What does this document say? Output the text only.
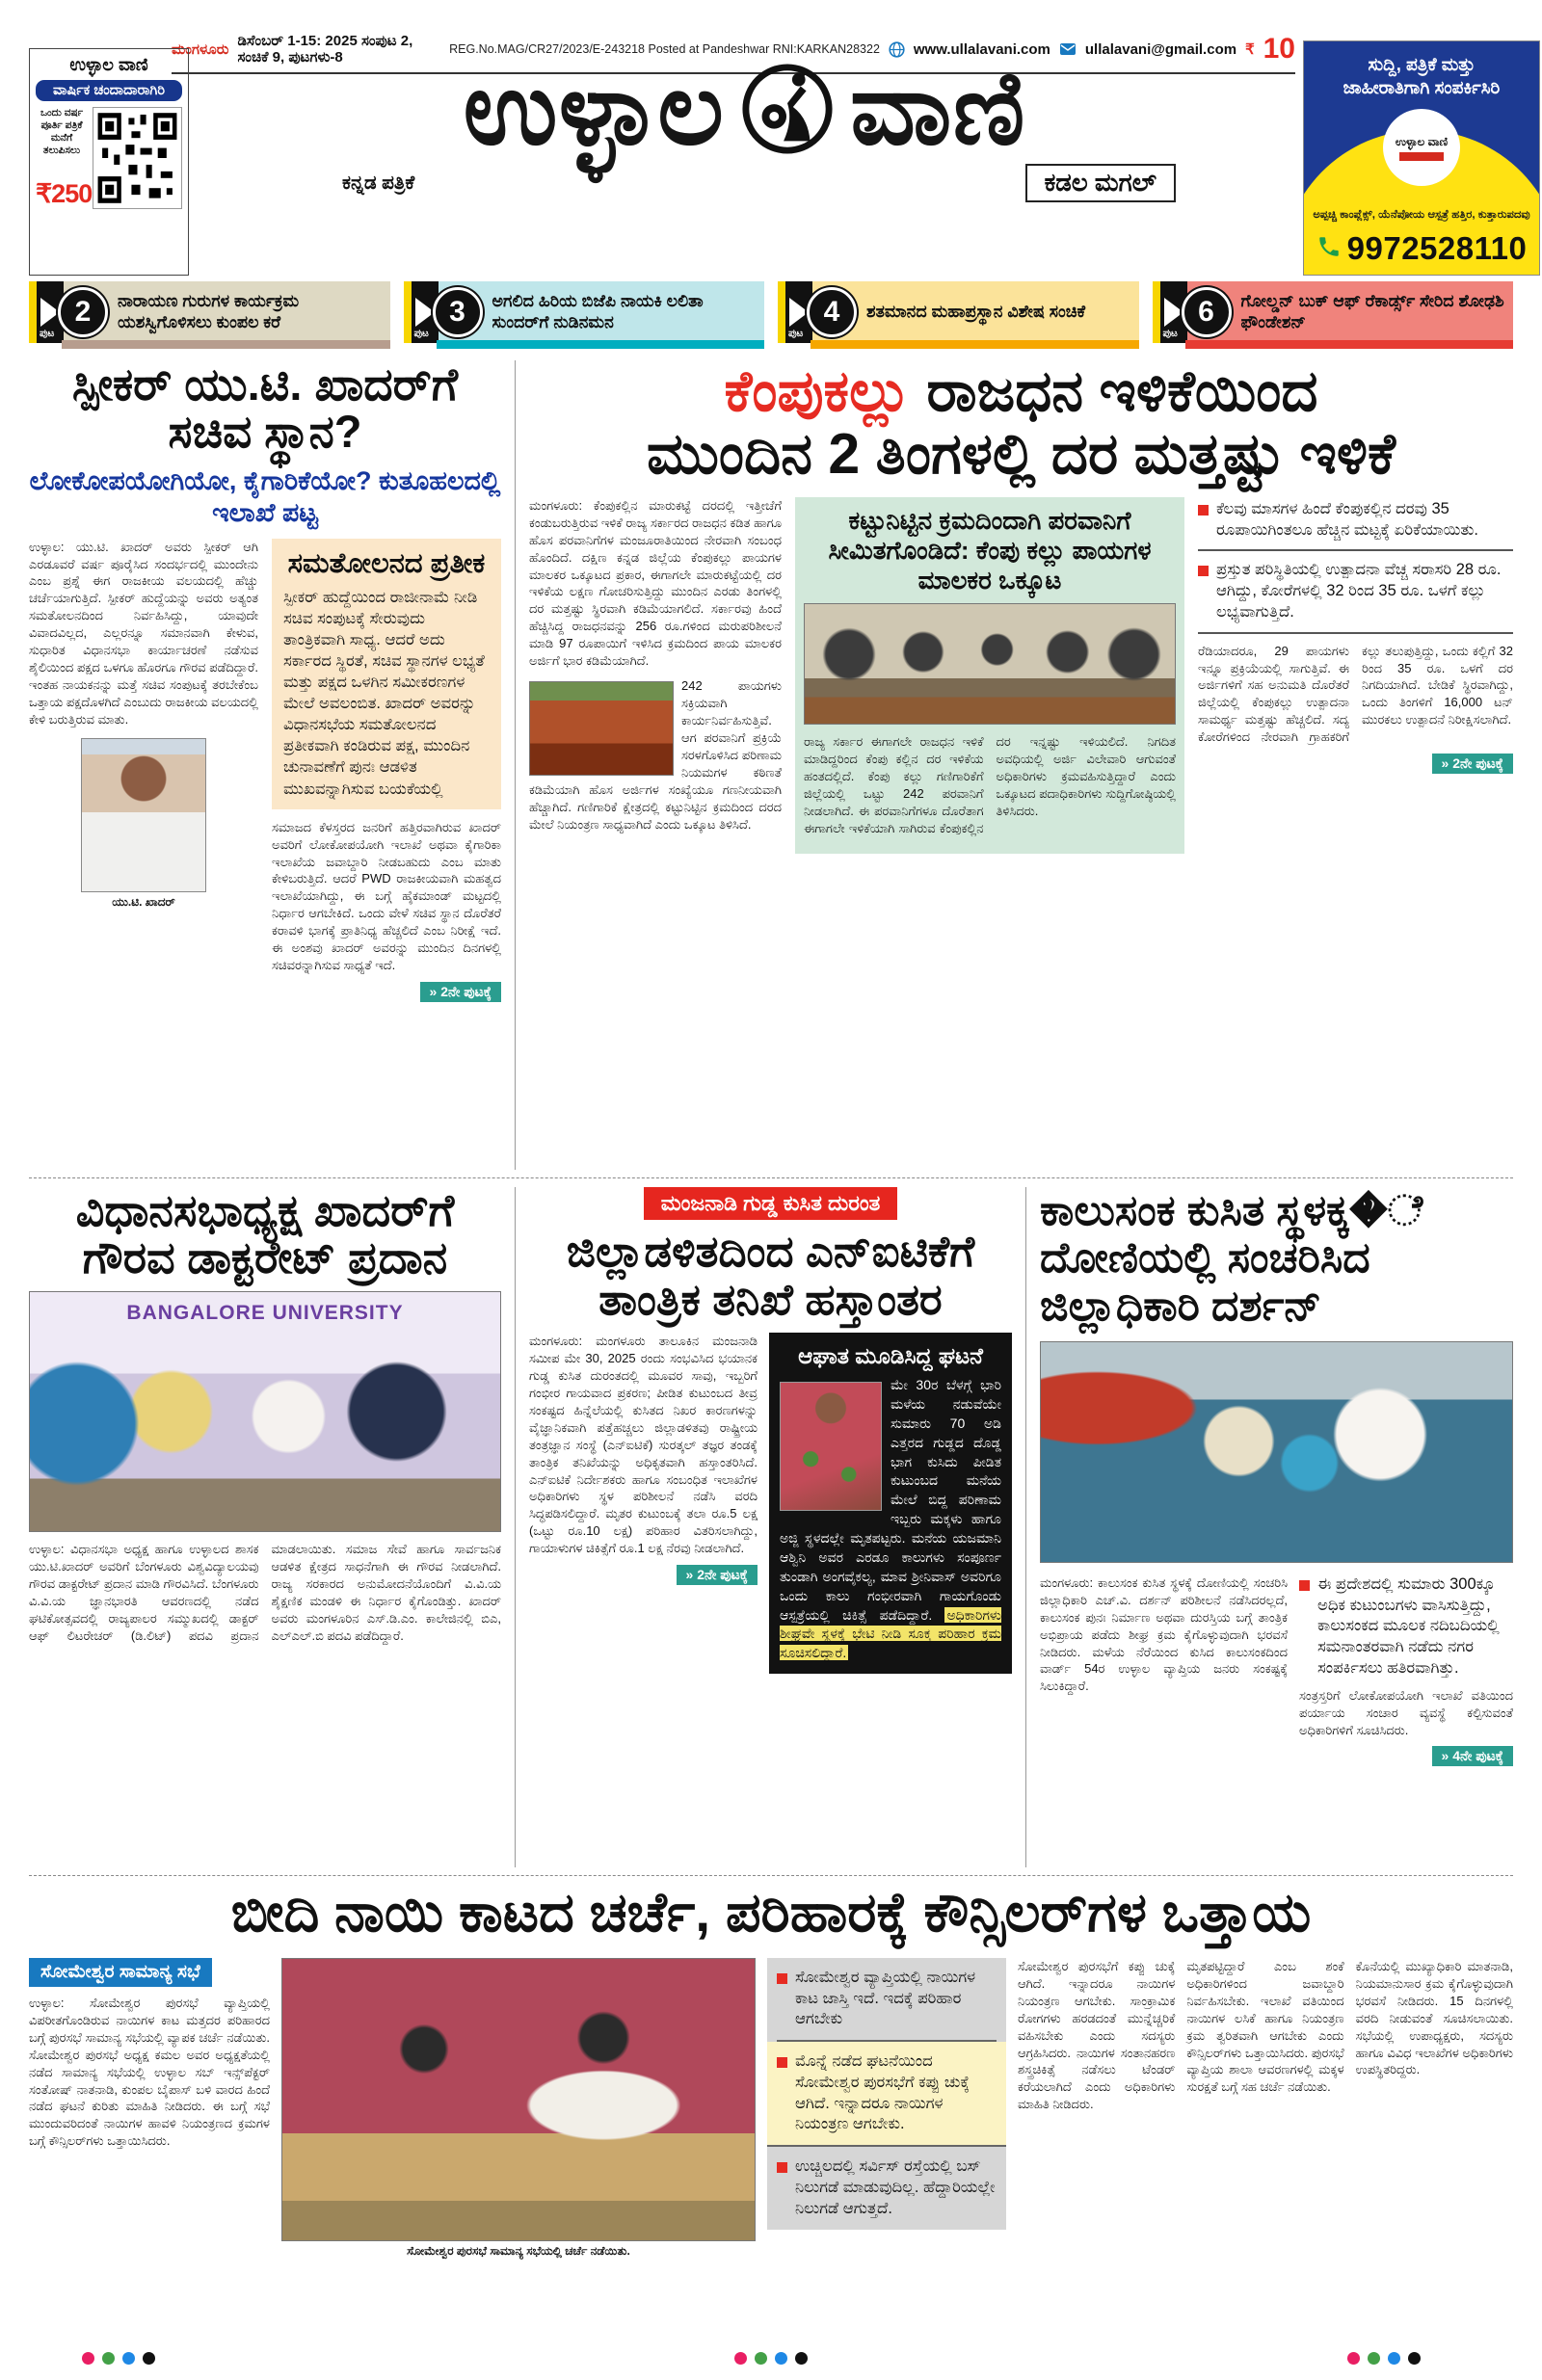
ಮಂಗಳೂರು ಡಿಸೆಂಬರ್ 1-15: 2025 ಸಂಪುಟ 2, ಸಂಚಿಕೆ 9, ಪುಟಗಳು-8	REG.No.MAG/CR27/2023/E-243218 Posted at Pandeshwar RNI:KARKAN28322 www.ullalavani.com ullalavani@gmail.com ₹ 10
ಉಳ್ಳಾಲ ವಾಣಿ
ವಾರ್ಷಿಕ ಚಂದಾದಾರಾಗಿರಿ
ಒಂದು ವರ್ಷ ಪೂರ್ತಿ ಪತ್ರಿಕೆ ಮನೆಗೆ ತಲುಪಿಸಲು
₹250
ಉಳ್ಳಾಲ ವಾಣಿ
ಕನ್ನಡ ಪತ್ರಿಕೆ	ಕಡಲ ಮಗಲ್
ಸುದ್ದಿ, ಪತ್ರಿಕೆ ಮತ್ತು
ಜಾಹೀರಾತಿಗಾಗಿ ಸಂಪರ್ಕಿಸಿರಿ
ಉಳ್ಳಾಲ ವಾಣಿ
ಅಪ್ಪಚ್ಚಿ ಕಾಂಪ್ಲೆಕ್ಸ್, ಯೆನೆಪೋಯ ಆಸ್ಪತ್ರೆ ಹತ್ತಿರ, ಕುತ್ತಾರುಪದವು
9972528110
ಪುಟ
2	ನಾರಾಯಣ ಗುರುಗಳ ಕಾರ್ಯಕ್ರಮ ಯಶಸ್ವಿಗೊಳಿಸಲು ಕುಂಪಲ ಕರೆ
ಪುಟ
3	ಅಗಲಿದ ಹಿರಿಯ ಬಿಜೆಪಿ ನಾಯಕಿ ಲಲಿತಾ ಸುಂದರ್‌ಗೆ ನುಡಿನಮನ
ಪುಟ
4	ಶತಮಾನದ ಮಹಾಪ್ರಸ್ಥಾನ ವಿಶೇಷ ಸಂಚಿಕೆ
ಪುಟ
6	ಗೋಲ್ಡನ್ ಬುಕ್ ಆಫ್ ರೆಕಾರ್ಡ್ಸ್ ಸೇರಿದ ಶೋಢಶಿ ಫೌಂಡೇಶನ್
ಸ್ಪೀಕರ್ ಯು.ಟಿ. ಖಾದರ್‌ಗೆ ಸಚಿವ ಸ್ಥಾನ?
ಲೋಕೋಪಯೋಗಿಯೋ, ಕೈಗಾರಿಕೆಯೋ? ಕುತೂಹಲದಲ್ಲಿ ಇಲಾಖೆ ಪಟ್ಟ

ಉಳ್ಳಾಲ: ಯು.ಟಿ. ಖಾದರ್ ಅವರು ಸ್ಪೀಕರ್ ಆಗಿ ಎರಡೂವರೆ ವರ್ಷ ಪೂರೈಸಿದ ಸಂದರ್ಭದಲ್ಲಿ ಮುಂದೇನು ಎಂಬ ಪ್ರಶ್ನೆ ಈಗ ರಾಜಕೀಯ ವಲಯದಲ್ಲಿ ಹೆಚ್ಚು ಚರ್ಚೆಯಾಗುತ್ತಿದೆ. ಸ್ಪೀಕರ್ ಹುದ್ದೆಯನ್ನು ಅವರು ಅತ್ಯಂತ ಸಮತೋಲನದಿಂದ ನಿರ್ವಹಿಸಿದ್ದು, ಯಾವುದೇ ವಿವಾದವಿಲ್ಲದ, ಎಲ್ಲರನ್ನೂ ಸಮಾನವಾಗಿ ಕೇಳುವ, ಸುಧಾರಿತ ವಿಧಾನಸಭಾ ಕಾರ್ಯಾಚರಣೆ ನಡೆಸುವ ಶೈಲಿಯಿಂದ ಪಕ್ಷದ ಒಳಗೂ ಹೊರಗೂ ಗೌರವ ಪಡೆದಿದ್ದಾರೆ. ಇಂತಹ ನಾಯಕನನ್ನು ಮತ್ತೆ ಸಚಿವ ಸಂಪುಟಕ್ಕೆ ತರಬೇಕೆಂಬ ಒತ್ತಾಯ ಪಕ್ಷದೊಳಗಿದೆ ಎಂಬುದು ರಾಜಕೀಯ ವಲಯದಲ್ಲಿ ಕೇಳಿ ಬರುತ್ತಿರುವ ಮಾತು.

ಯು.ಟಿ. ಖಾದರ್
ಸಮತೋಲನದ ಪ್ರತೀಕ

ಸ್ಪೀಕರ್ ಹುದ್ದೆಯಿಂದ ರಾಜೀನಾಮೆ ನೀಡಿ ಸಚಿವ ಸಂಪುಟಕ್ಕೆ ಸೇರುವುದು ತಾಂತ್ರಿಕವಾಗಿ ಸಾಧ್ಯ. ಆದರೆ ಅದು ಸರ್ಕಾರದ ಸ್ಥಿರತೆ, ಸಚಿವ ಸ್ಥಾನಗಳ ಲಭ್ಯತೆ ಮತ್ತು ಪಕ್ಷದ ಒಳಗಿನ ಸಮೀಕರಣಗಳ ಮೇಲೆ ಅವಲಂಬಿತ. ಖಾದರ್ ಅವರನ್ನು ವಿಧಾನಸಭೆಯ ಸಮತೋಲನದ ಪ್ರತೀಕವಾಗಿ ಕಂಡಿರುವ ಪಕ್ಷ, ಮುಂದಿನ ಚುನಾವಣೆಗೆ ಪುನಃ ಆಡಳಿತ ಮುಖವನ್ನಾಗಿಸುವ ಬಯಕೆಯಲ್ಲಿ

ಸಮಾಜದ ಕೆಳಸ್ತರದ ಜನರಿಗೆ ಹತ್ತಿರವಾಗಿರುವ ಖಾದರ್ ಅವರಿಗೆ ಲೋಕೋಪಯೋಗಿ ಇಲಾಖೆ ಅಥವಾ ಕೈಗಾರಿಕಾ ಇಲಾಖೆಯ ಜವಾಬ್ದಾರಿ ನೀಡಬಹುದು ಎಂಬ ಮಾತು ಕೇಳಿಬರುತ್ತಿದೆ. ಆದರೆ PWD ರಾಜಕೀಯವಾಗಿ ಮಹತ್ವದ ಇಲಾಖೆಯಾಗಿದ್ದು, ಈ ಬಗ್ಗೆ ಹೈಕಮಾಂಡ್ ಮಟ್ಟದಲ್ಲಿ ನಿರ್ಧಾರ ಆಗಬೇಕಿದೆ. ಒಂದು ವೇಳೆ ಸಚಿವ ಸ್ಥಾನ ದೊರೆತರೆ ಕರಾವಳಿ ಭಾಗಕ್ಕೆ ಪ್ರಾತಿನಿಧ್ಯ ಹೆಚ್ಚಲಿದೆ ಎಂಬ ನಿರೀಕ್ಷೆ ಇದೆ. ಈ ಅಂಶವು ಖಾದರ್ ಅವರನ್ನು ಮುಂದಿನ ದಿನಗಳಲ್ಲಿ ಸಚಿವರನ್ನಾಗಿಸುವ ಸಾಧ್ಯತೆ ಇದೆ.

» 2ನೇ ಪುಟಕ್ಕೆ
ಕೆಂಪುಕಲ್ಲು ರಾಜಧನ ಇಳಿಕೆಯಿಂದ
ಮುಂದಿನ 2 ತಿಂಗಳಲ್ಲಿ ದರ ಮತ್ತಷ್ಟು ಇಳಿಕೆ

ಮಂಗಳೂರು: ಕೆಂಪುಕಲ್ಲಿನ ಮಾರುಕಟ್ಟೆ ದರದಲ್ಲಿ ಇತ್ತೀಚೆಗೆ ಕಂಡುಬರುತ್ತಿರುವ ಇಳಿಕೆ ರಾಜ್ಯ ಸರ್ಕಾರದ ರಾಜಧನ ಕಡಿತ ಹಾಗೂ ಹೊಸ ಪರವಾನಿಗೆಗಳ ಮಂಜೂರಾತಿಯಿಂದ ನೇರವಾಗಿ ಸಂಬಂಧ ಹೊಂದಿದೆ. ದಕ್ಷಿಣ ಕನ್ನಡ ಜಿಲ್ಲೆಯ ಕೆಂಪುಕಲ್ಲು ಪಾಯಗಳ ಮಾಲಕರ ಒಕ್ಕೂಟದ ಪ್ರಕಾರ, ಈಗಾಗಲೇ ಮಾರುಕಟ್ಟೆಯಲ್ಲಿ ದರ ಇಳಿಕೆಯ ಲಕ್ಷಣ ಗೋಚರಿಸುತ್ತಿದ್ದು ಮುಂದಿನ ಎರಡು ತಿಂಗಳಲ್ಲಿ ದರ ಮತ್ತಷ್ಟು ಸ್ಥಿರವಾಗಿ ಕಡಿಮೆಯಾಗಲಿದೆ. ಸರ್ಕಾರವು ಹಿಂದೆ ಹೆಚ್ಚಿಸಿದ್ದ ರಾಜಧನವನ್ನು 256 ರೂ.ಗಳಿಂದ ಮರುಪರಿಶೀಲನೆ ಮಾಡಿ 97 ರೂಪಾಯಿಗೆ ಇಳಿಸಿದ ಕ್ರಮದಿಂದ ಪಾಯ ಮಾಲಕರ ಅರ್ಜಿಗೆ ಭಾರ ಕಡಿಮೆಯಾಗಿದೆ.

242 ಪಾಯಗಳು ಸಕ್ರಿಯವಾಗಿ ಕಾರ್ಯನಿರ್ವಹಿಸುತ್ತಿವೆ. ಆಗ ಪರವಾನಿಗೆ ಪ್ರಕ್ರಿಯೆ ಸರಳಗೊಳಿಸಿದ ಪರಿಣಾಮ ನಿಯಮಗಳ ಕಠಿಣತೆ ಕಡಿಮೆಯಾಗಿ ಹೊಸ ಅರ್ಜಿಗಳ ಸಂಖ್ಯೆಯೂ ಗಣನೀಯವಾಗಿ ಹೆಚ್ಚಾಗಿದೆ. ಗಣಿಗಾರಿಕೆ ಕ್ಷೇತ್ರದಲ್ಲಿ ಕಟ್ಟುನಿಟ್ಟಿನ ಕ್ರಮದಿಂದ ದರದ ಮೇಲೆ ನಿಯಂತ್ರಣ ಸಾಧ್ಯವಾಗಿದೆ ಎಂದು ಒಕ್ಕೂಟ ತಿಳಿಸಿದೆ.

ಕಟ್ಟುನಿಟ್ಟಿನ ಕ್ರಮದಿಂದಾಗಿ ಪರವಾನಿಗೆ ಸೀಮಿತಗೊಂಡಿದೆ: ಕೆಂಪು ಕಲ್ಲು ಪಾಯಗಳ ಮಾಲಕರ ಒಕ್ಕೂಟ

ರಾಜ್ಯ ಸರ್ಕಾರ ಈಗಾಗಲೇ ರಾಜಧನ ಇಳಿಕೆ ಮಾಡಿದ್ದರಿಂದ ಕೆಂಪು ಕಲ್ಲಿನ ದರ ಇಳಿಕೆಯ ಹಂತದಲ್ಲಿದೆ. ಕೆಂಪು ಕಲ್ಲು ಗಣಿಗಾರಿಕೆಗೆ ಜಿಲ್ಲೆಯಲ್ಲಿ ಒಟ್ಟು 242 ಪರವಾನಿಗೆ ನೀಡಲಾಗಿದೆ. ಈ ಪರವಾನಿಗೆಗಳೂ ದೊರೆತಾಗ ಈಗಾಗಲೇ ಇಳಿಕೆಯಾಗಿ ಸಾಗಿರುವ ಕೆಂಪುಕಲ್ಲಿನ ದರ ಇನ್ನಷ್ಟು ಇಳಿಯಲಿದೆ. ನಿಗದಿತ ಅವಧಿಯಲ್ಲಿ ಅರ್ಜಿ ವಿಲೇವಾರಿ ಆಗುವಂತೆ ಅಧಿಕಾರಿಗಳು ಕ್ರಮವಹಿಸುತ್ತಿದ್ದಾರೆ ಎಂದು ಒಕ್ಕೂಟದ ಪದಾಧಿಕಾರಿಗಳು ಸುದ್ದಿಗೋಷ್ಠಿಯಲ್ಲಿ ತಿಳಿಸಿದರು.

ಕೆಲವು ಮಾಸಗಳ ಹಿಂದೆ ಕೆಂಪುಕಲ್ಲಿನ ದರವು 35 ರೂಪಾಯಿಗಿಂತಲೂ ಹೆಚ್ಚಿನ ಮಟ್ಟಕ್ಕೆ ಏರಿಕೆಯಾಯಿತು.
ಪ್ರಸ್ತುತ ಪರಿಸ್ಥಿತಿಯಲ್ಲಿ ಉತ್ಪಾದನಾ ವೆಚ್ಚ ಸರಾಸರಿ 28 ರೂ. ಆಗಿದ್ದು, ಕೋರೆಗಳಲ್ಲಿ 32 ರಿಂದ 35 ರೂ. ಒಳಗೆ ಕಲ್ಲು ಲಭ್ಯವಾಗುತ್ತಿದೆ.

ರೆಡಿಯಾದರೂ, 29 ಪಾಯಗಳು ಇನ್ನೂ ಪ್ರಕ್ರಿಯೆಯಲ್ಲಿ ಸಾಗುತ್ತಿವೆ. ಈ ಅರ್ಜಿಗಳಿಗೆ ಸಹ ಅನುಮತಿ ದೊರೆತರೆ ಜಿಲ್ಲೆಯಲ್ಲಿ ಕೆಂಪುಕಲ್ಲು ಉತ್ಪಾದನಾ ಸಾಮರ್ಥ್ಯ ಮತ್ತಷ್ಟು ಹೆಚ್ಚಲಿದೆ. ಸದ್ಯ ಕೋರೆಗಳಿಂದ ನೇರವಾಗಿ ಗ್ರಾಹಕರಿಗೆ ಕಲ್ಲು ತಲುಪುತ್ತಿದ್ದು, ಒಂದು ಕಲ್ಲಿಗೆ 32 ರಿಂದ 35 ರೂ. ಒಳಗೆ ದರ ನಿಗದಿಯಾಗಿದೆ. ಬೇಡಿಕೆ ಸ್ಥಿರವಾಗಿದ್ದು, ಒಂದು ತಿಂಗಳಿಗೆ 16,000 ಟನ್ ಮುರಕಲು ಉತ್ಪಾದನೆ ನಿರೀಕ್ಷಿಸಲಾಗಿದೆ.

» 2ನೇ ಪುಟಕ್ಕೆ
ವಿಧಾನಸಭಾಧ್ಯಕ್ಷ ಖಾದರ್‌ಗೆ
ಗೌರವ ಡಾಕ್ಟರೇಟ್ ಪ್ರದಾನ
BANGALORE UNIVERSITY

ಉಳ್ಳಾಲ: ವಿಧಾನಸಭಾ ಅಧ್ಯಕ್ಷ ಹಾಗೂ ಉಳ್ಳಾಲದ ಶಾಸಕ ಯು.ಟಿ.ಖಾದರ್ ಅವರಿಗೆ ಬೆಂಗಳೂರು ವಿಶ್ವವಿದ್ಯಾಲಯವು ಗೌರವ ಡಾಕ್ಟರೇಟ್ ಪ್ರದಾನ ಮಾಡಿ ಗೌರವಿಸಿದೆ. ಬೆಂಗಳೂರು ವಿ.ವಿ.ಯ ಜ್ಞಾನಭಾರತಿ ಆವರಣದಲ್ಲಿ ನಡೆದ ಘಟಿಕೋತ್ಸವದಲ್ಲಿ ರಾಜ್ಯಪಾಲರ ಸಮ್ಮುಖದಲ್ಲಿ ಡಾಕ್ಟರ್ ಆಫ್ ಲಿಟರೇಚರ್ (ಡಿ.ಲಿಟ್) ಪದವಿ ಪ್ರದಾನ ಮಾಡಲಾಯಿತು. ಸಮಾಜ ಸೇವೆ ಹಾಗೂ ಸಾರ್ವಜನಿಕ ಆಡಳಿತ ಕ್ಷೇತ್ರದ ಸಾಧನೆಗಾಗಿ ಈ ಗೌರವ ನೀಡಲಾಗಿದೆ. ರಾಜ್ಯ ಸರಕಾರದ ಅನುಮೋದನೆಯೊಂದಿಗೆ ವಿ.ವಿ.ಯ ಶೈಕ್ಷಣಿಕ ಮಂಡಳಿ ಈ ನಿರ್ಧಾರ ಕೈಗೊಂಡಿತ್ತು. ಖಾದರ್ ಅವರು ಮಂಗಳೂರಿನ ಎಸ್.ಡಿ.ಎಂ. ಕಾಲೇಜಿನಲ್ಲಿ ಬಿಎ, ಎಲ್‌ಎಲ್.ಬಿ ಪದವಿ ಪಡೆದಿದ್ದಾರೆ.

ಮಂಜನಾಡಿ ಗುಡ್ಡ ಕುಸಿತ ದುರಂತ
ಜಿಲ್ಲಾಡಳಿತದಿಂದ ಎನ್‌ಐಟಿಕೆಗೆ
ತಾಂತ್ರಿಕ ತನಿಖೆ ಹಸ್ತಾಂತರ

ಮಂಗಳೂರು: ಮಂಗಳೂರು ತಾಲೂಕಿನ ಮಂಜನಾಡಿ ಸಮೀಪ ಮೇ 30, 2025 ರಂದು ಸಂಭವಿಸಿದ ಭಯಾನಕ ಗುಡ್ಡ ಕುಸಿತ ದುರಂತದಲ್ಲಿ ಮೂವರ ಸಾವು, ಇಬ್ಬರಿಗೆ ಗಂಭೀರ ಗಾಯವಾದ ಪ್ರಕರಣ; ಪೀಡಿತ ಕುಟುಂಬದ ತೀವ್ರ ಸಂಕಷ್ಟದ ಹಿನ್ನೆಲೆಯಲ್ಲಿ ಕುಸಿತದ ನಿಖರ ಕಾರಣಗಳನ್ನು ವೈಜ್ಞಾನಿಕವಾಗಿ ಪತ್ತೆಹಚ್ಚಲು ಜಿಲ್ಲಾಡಳಿತವು ರಾಷ್ಟ್ರೀಯ ತಂತ್ರಜ್ಞಾನ ಸಂಸ್ಥೆ (ಎನ್‌ಐಟಿಕೆ) ಸುರತ್ಕಲ್ ತಜ್ಞರ ತಂಡಕ್ಕೆ ತಾಂತ್ರಿಕ ತನಿಖೆಯನ್ನು ಅಧಿಕೃತವಾಗಿ ಹಸ್ತಾಂತರಿಸಿದೆ. ಎನ್‌ಐಟಿಕೆ ನಿರ್ದೇಶಕರು ಹಾಗೂ ಸಂಬಂಧಿತ ಇಲಾಖೆಗಳ ಅಧಿಕಾರಿಗಳು ಸ್ಥಳ ಪರಿಶೀಲನೆ ನಡೆಸಿ ವರದಿ ಸಿದ್ಧಪಡಿಸಲಿದ್ದಾರೆ. ಮೃತರ ಕುಟುಂಬಕ್ಕೆ ತಲಾ ರೂ.5 ಲಕ್ಷ (ಒಟ್ಟು ರೂ.10 ಲಕ್ಷ) ಪರಿಹಾರ ವಿತರಿಸಲಾಗಿದ್ದು, ಗಾಯಾಳುಗಳ ಚಿಕಿತ್ಸೆಗೆ ರೂ.1 ಲಕ್ಷ ನೆರವು ನೀಡಲಾಗಿದೆ.

» 2ನೇ ಪುಟಕ್ಕೆ
ಆಘಾತ ಮೂಡಿಸಿದ್ದ ಘಟನೆ

ಮೇ 30ರ ಬೆಳಗ್ಗೆ ಭಾರಿ ಮಳೆಯ ನಡುವೆಯೇ ಸುಮಾರು 70 ಅಡಿ ಎತ್ತರದ ಗುಡ್ಡದ ದೊಡ್ಡ ಭಾಗ ಕುಸಿದು ಪೀಡಿತ ಕುಟುಂಬದ ಮನೆಯ ಮೇಲೆ ಬಿದ್ದ ಪರಿಣಾಮ ಇಬ್ಬರು ಮಕ್ಕಳು ಹಾಗೂ ಅಜ್ಜಿ ಸ್ಥಳದಲ್ಲೇ ಮೃತಪಟ್ಟರು. ಮನೆಯ ಯಜಮಾನಿ ಆಶ್ವಿನಿ ಅವರ ಎರಡೂ ಕಾಲುಗಳು ಸಂಪೂರ್ಣ ತುಂಡಾಗಿ ಅಂಗವೈಕಲ್ಯ, ಮಾವ ಶ್ರೀನಿವಾಸ್ ಅವರಿಗೂ ಒಂದು ಕಾಲು ಗಂಭೀರವಾಗಿ ಗಾಯಗೊಂಡು ಆಸ್ಪತ್ರೆಯಲ್ಲಿ ಚಿಕಿತ್ಸೆ ಪಡೆದಿದ್ದಾರೆ. ಅಧಿಕಾರಿಗಳು ಶೀಘ್ರವೇ ಸ್ಥಳಕ್ಕೆ ಭೇಟಿ ನೀಡಿ ಸೂಕ್ತ ಪರಿಹಾರ ಕ್ರಮ ಸೂಚಿಸಲಿದ್ದಾರೆ.

ಕಾಲುಸಂಕ ಕುಸಿತ ಸ್ಥಳಕ್ಕ�ೆ
ದೋಣಿಯಲ್ಲಿ ಸಂಚರಿಸಿದ
ಜಿಲ್ಲಾಧಿಕಾರಿ ದರ್ಶನ್

ಮಂಗಳೂರು: ಕಾಲುಸಂಕ ಕುಸಿತ ಸ್ಥಳಕ್ಕೆ ದೋಣಿಯಲ್ಲಿ ಸಂಚರಿಸಿ ಜಿಲ್ಲಾಧಿಕಾರಿ ಎಚ್.ವಿ. ದರ್ಶನ್ ಪರಿಶೀಲನೆ ನಡೆಸಿದರಲ್ಲದೆ, ಕಾಲುಸಂಕ ಪುನಃ ನಿರ್ಮಾಣ ಅಥವಾ ದುರಸ್ತಿಯ ಬಗ್ಗೆ ತಾಂತ್ರಿಕ ಅಭಿಪ್ರಾಯ ಪಡೆದು ಶೀಘ್ರ ಕ್ರಮ ಕೈಗೊಳ್ಳುವುದಾಗಿ ಭರವಸೆ ನೀಡಿದರು. ಮಳೆಯ ನೆರೆಯಿಂದ ಕುಸಿದ ಕಾಲುಸಂಕದಿಂದ ವಾರ್ಡ್ 54ರ ಉಳ್ಳಾಲ ವ್ಯಾಪ್ತಿಯ ಜನರು ಸಂಕಷ್ಟಕ್ಕೆ ಸಿಲುಕಿದ್ದಾರೆ.

ಈ ಪ್ರದೇಶದಲ್ಲಿ ಸುಮಾರು 300ಕ್ಕೂ ಅಧಿಕ ಕುಟುಂಬಗಳು ವಾಸಿಸುತ್ತಿದ್ದು, ಕಾಲುಸಂಕದ ಮೂಲಕ ನದಿಬದಿಯಲ್ಲಿ ಸಮನಾಂತರವಾಗಿ ನಡೆದು ನಗರ ಸಂಪರ್ಕಿಸಲು ಹತಿರವಾಗಿತ್ತು.

ಸಂತ್ರಸ್ತರಿಗೆ ಲೋಕೋಪಯೋಗಿ ಇಲಾಖೆ ವತಿಯಿಂದ ಪರ್ಯಾಯ ಸಂಚಾರ ವ್ಯವಸ್ಥೆ ಕಲ್ಪಿಸುವಂತೆ ಅಧಿಕಾರಿಗಳಿಗೆ ಸೂಚಿಸಿದರು.

» 4ನೇ ಪುಟಕ್ಕೆ
ಬೀದಿ ನಾಯಿ ಕಾಟದ ಚರ್ಚೆ, ಪರಿಹಾರಕ್ಕೆ ಕೌನ್ಸಿಲರ್‌ಗಳ ಒತ್ತಾಯ
ಸೋಮೇಶ್ವರ ಸಾಮಾನ್ಯ ಸಭೆ

ಉಳ್ಳಾಲ: ಸೋಮೇಶ್ವರ ಪುರಸಭೆ ವ್ಯಾಪ್ತಿಯಲ್ಲಿ ವಿಪರೀತಗೊಂಡಿರುವ ನಾಯಿಗಳ ಕಾಟ ಮತ್ತದರ ಪರಿಹಾರದ ಬಗ್ಗೆ ಪುರಸಭೆ ಸಾಮಾನ್ಯ ಸಭೆಯಲ್ಲಿ ವ್ಯಾಪಕ ಚರ್ಚೆ ನಡೆಯಿತು. ಸೋಮೇಶ್ವರ ಪುರಸಭೆ ಅಧ್ಯಕ್ಷ ಕಮಲ ಅವರ ಅಧ್ಯಕ್ಷತೆಯಲ್ಲಿ ನಡೆದ ಸಾಮಾನ್ಯ ಸಭೆಯಲ್ಲಿ ಉಳ್ಳಾಲ ಸಬ್ ಇನ್ಸ್‌ಪೆಕ್ಟರ್ ಸಂತೋಷ್ ನಾತನಾಡಿ, ಕುಂಪಲ ಬೈಪಾಸ್ ಬಳಿ ವಾರದ ಹಿಂದೆ ನಡೆದ ಘಟನೆ ಕುರಿತು ಮಾಹಿತಿ ನೀಡಿದರು. ಈ ಬಗ್ಗೆ ಸಭೆ ಮುಂದುವರಿದಂತೆ ನಾಯಿಗಳ ಹಾವಳಿ ನಿಯಂತ್ರಣದ ಕ್ರಮಗಳ ಬಗ್ಗೆ ಕೌನ್ಸಿಲರ್‌ಗಳು ಒತ್ತಾಯಿಸಿದರು.

ಸೋಮೇಶ್ವರ ಪುರಸಭೆ ಸಾಮಾನ್ಯ ಸಭೆಯಲ್ಲಿ ಚರ್ಚೆ ನಡೆಯಿತು.
ಸೋಮೇಶ್ವರ ವ್ಯಾಪ್ತಿಯಲ್ಲಿ ನಾಯಿಗಳ ಕಾಟ ಜಾಸ್ತಿ ಇದೆ. ಇದಕ್ಕೆ ಪರಿಹಾರ ಆಗಬೇಕು
ಮೊನ್ನೆ ನಡೆದ ಘಟನೆಯಿಂದ ಸೋಮೇಶ್ವರ ಪುರಸಭೆಗೆ ಕಪ್ಪು ಚುಕ್ಕೆ ಆಗಿದೆ. ಇನ್ನಾದರೂ ನಾಯಿಗಳ ನಿಯಂತ್ರಣ ಆಗಬೇಕು.
ಉಚ್ಚಿಲದಲ್ಲಿ ಸರ್ವಿಸ್ ರಸ್ತೆಯಲ್ಲಿ ಬಸ್ ನಿಲುಗಡೆ ಮಾಡುವುದಿಲ್ಲ. ಹೆದ್ದಾರಿಯಲ್ಲೇ ನಿಲುಗಡೆ ಆಗುತ್ತದೆ.

ಸೋಮೇಶ್ವರ ಪುರಸಭೆಗೆ ಕಪ್ಪು ಚುಕ್ಕೆ ಆಗಿದೆ. ಇನ್ನಾದರೂ ನಾಯಿಗಳ ನಿಯಂತ್ರಣ ಆಗಬೇಕು. ಸಾಂಕ್ರಾಮಿಕ ರೋಗಗಳು ಹರಡದಂತೆ ಮುನ್ನೆಚ್ಚರಿಕೆ ವಹಿಸಬೇಕು ಎಂದು ಸದಸ್ಯರು ಆಗ್ರಹಿಸಿದರು. ನಾಯಿಗಳ ಸಂತಾನಹರಣ ಶಸ್ತ್ರಚಿಕಿತ್ಸೆ ನಡೆಸಲು ಟೆಂಡರ್ ಕರೆಯಲಾಗಿದೆ ಎಂದು ಅಧಿಕಾರಿಗಳು ಮಾಹಿತಿ ನೀಡಿದರು.

ಮೃತಪಟ್ಟಿದ್ದಾರೆ ಎಂಬ ಶಂಕೆ ಅಧಿಕಾರಿಗಳಿಂದ ಜವಾಬ್ದಾರಿ ನಿರ್ವಹಿಸಬೇಕು. ಇಲಾಖೆ ವತಿಯಿಂದ ನಾಯಿಗಳ ಲಸಿಕೆ ಹಾಗೂ ನಿಯಂತ್ರಣ ಕ್ರಮ ತ್ವರಿತವಾಗಿ ಆಗಬೇಕು ಎಂದು ಕೌನ್ಸಿಲರ್‌ಗಳು ಒತ್ತಾಯಿಸಿದರು. ಪುರಸಭೆ ವ್ಯಾಪ್ತಿಯ ಶಾಲಾ ಆವರಣಗಳಲ್ಲಿ ಮಕ್ಕಳ ಸುರಕ್ಷತೆ ಬಗ್ಗೆ ಸಹ ಚರ್ಚೆ ನಡೆಯಿತು.

ಕೊನೆಯಲ್ಲಿ ಮುಖ್ಯಾಧಿಕಾರಿ ಮಾತನಾಡಿ, ನಿಯಮಾನುಸಾರ ಕ್ರಮ ಕೈಗೊಳ್ಳುವುದಾಗಿ ಭರವಸೆ ನೀಡಿದರು. 15 ದಿನಗಳಲ್ಲಿ ವರದಿ ನೀಡುವಂತೆ ಸೂಚಿಸಲಾಯಿತು. ಸಭೆಯಲ್ಲಿ ಉಪಾಧ್ಯಕ್ಷರು, ಸದಸ್ಯರು ಹಾಗೂ ವಿವಿಧ ಇಲಾಖೆಗಳ ಅಧಿಕಾರಿಗಳು ಉಪಸ್ಥಿತರಿದ್ದರು.
